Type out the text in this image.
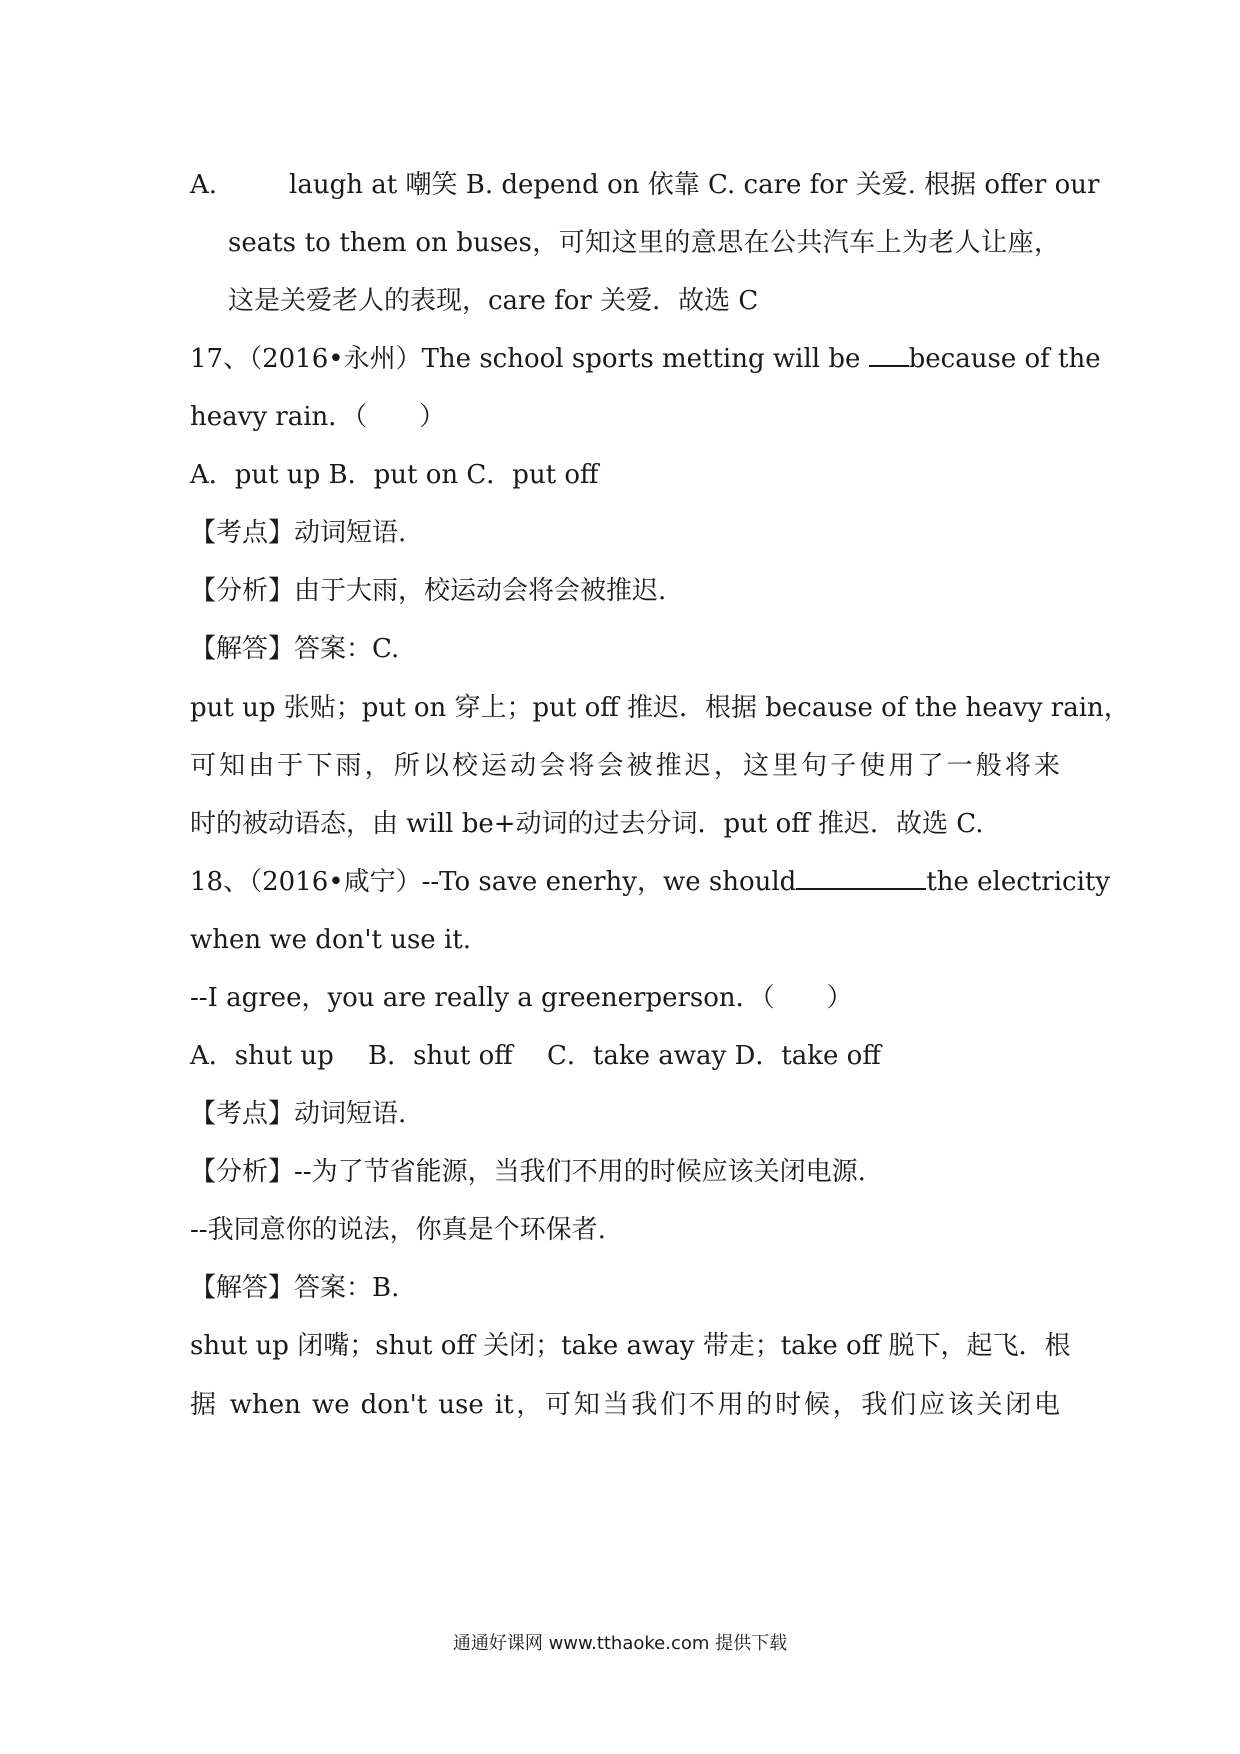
A.	laugh at 嘲笑 B. depend on 依靠 C. care for 关爱. 根据 offer our
seats to them on buses，可知这里的意思在公共汽车上为老人让座，
这是关爱老人的表现，care for 关爱．故选 C
17、（2016•永州）The school sports metting will be because of the
heavy rain．（　　）
A．put up B．put on C．put off
【考点】动词短语.
【分析】由于大雨，校运动会将会被推迟.
【解答】答案：C.
put up 张贴；put on 穿上；put off 推迟．根据 because of the heavy rain，
可知由于下雨，所以校运动会将会被推迟，这里句子使用了一般将来
时的被动语态，由 will be+动词的过去分词．put off 推迟．故选 C.
18、（2016•咸宁）--To save enerhy，we should	the electricity
when we don't use it.
--I agree，you are really a greenerperson．（　　）
A．shut up　 B．shut off　 C．take away D．take off
【考点】动词短语.
【分析】--为了节省能源，当我们不用的时候应该关闭电源.
--我同意你的说法，你真是个环保者.
【解答】答案：B.
shut up 闭嘴；shut off 关闭；take away 带走；take off 脱下，起飞．根
据 when we don't use it，可知当我们不用的时候，我们应该关闭电
通通好课网 www.tthaoke.com 提供下载
